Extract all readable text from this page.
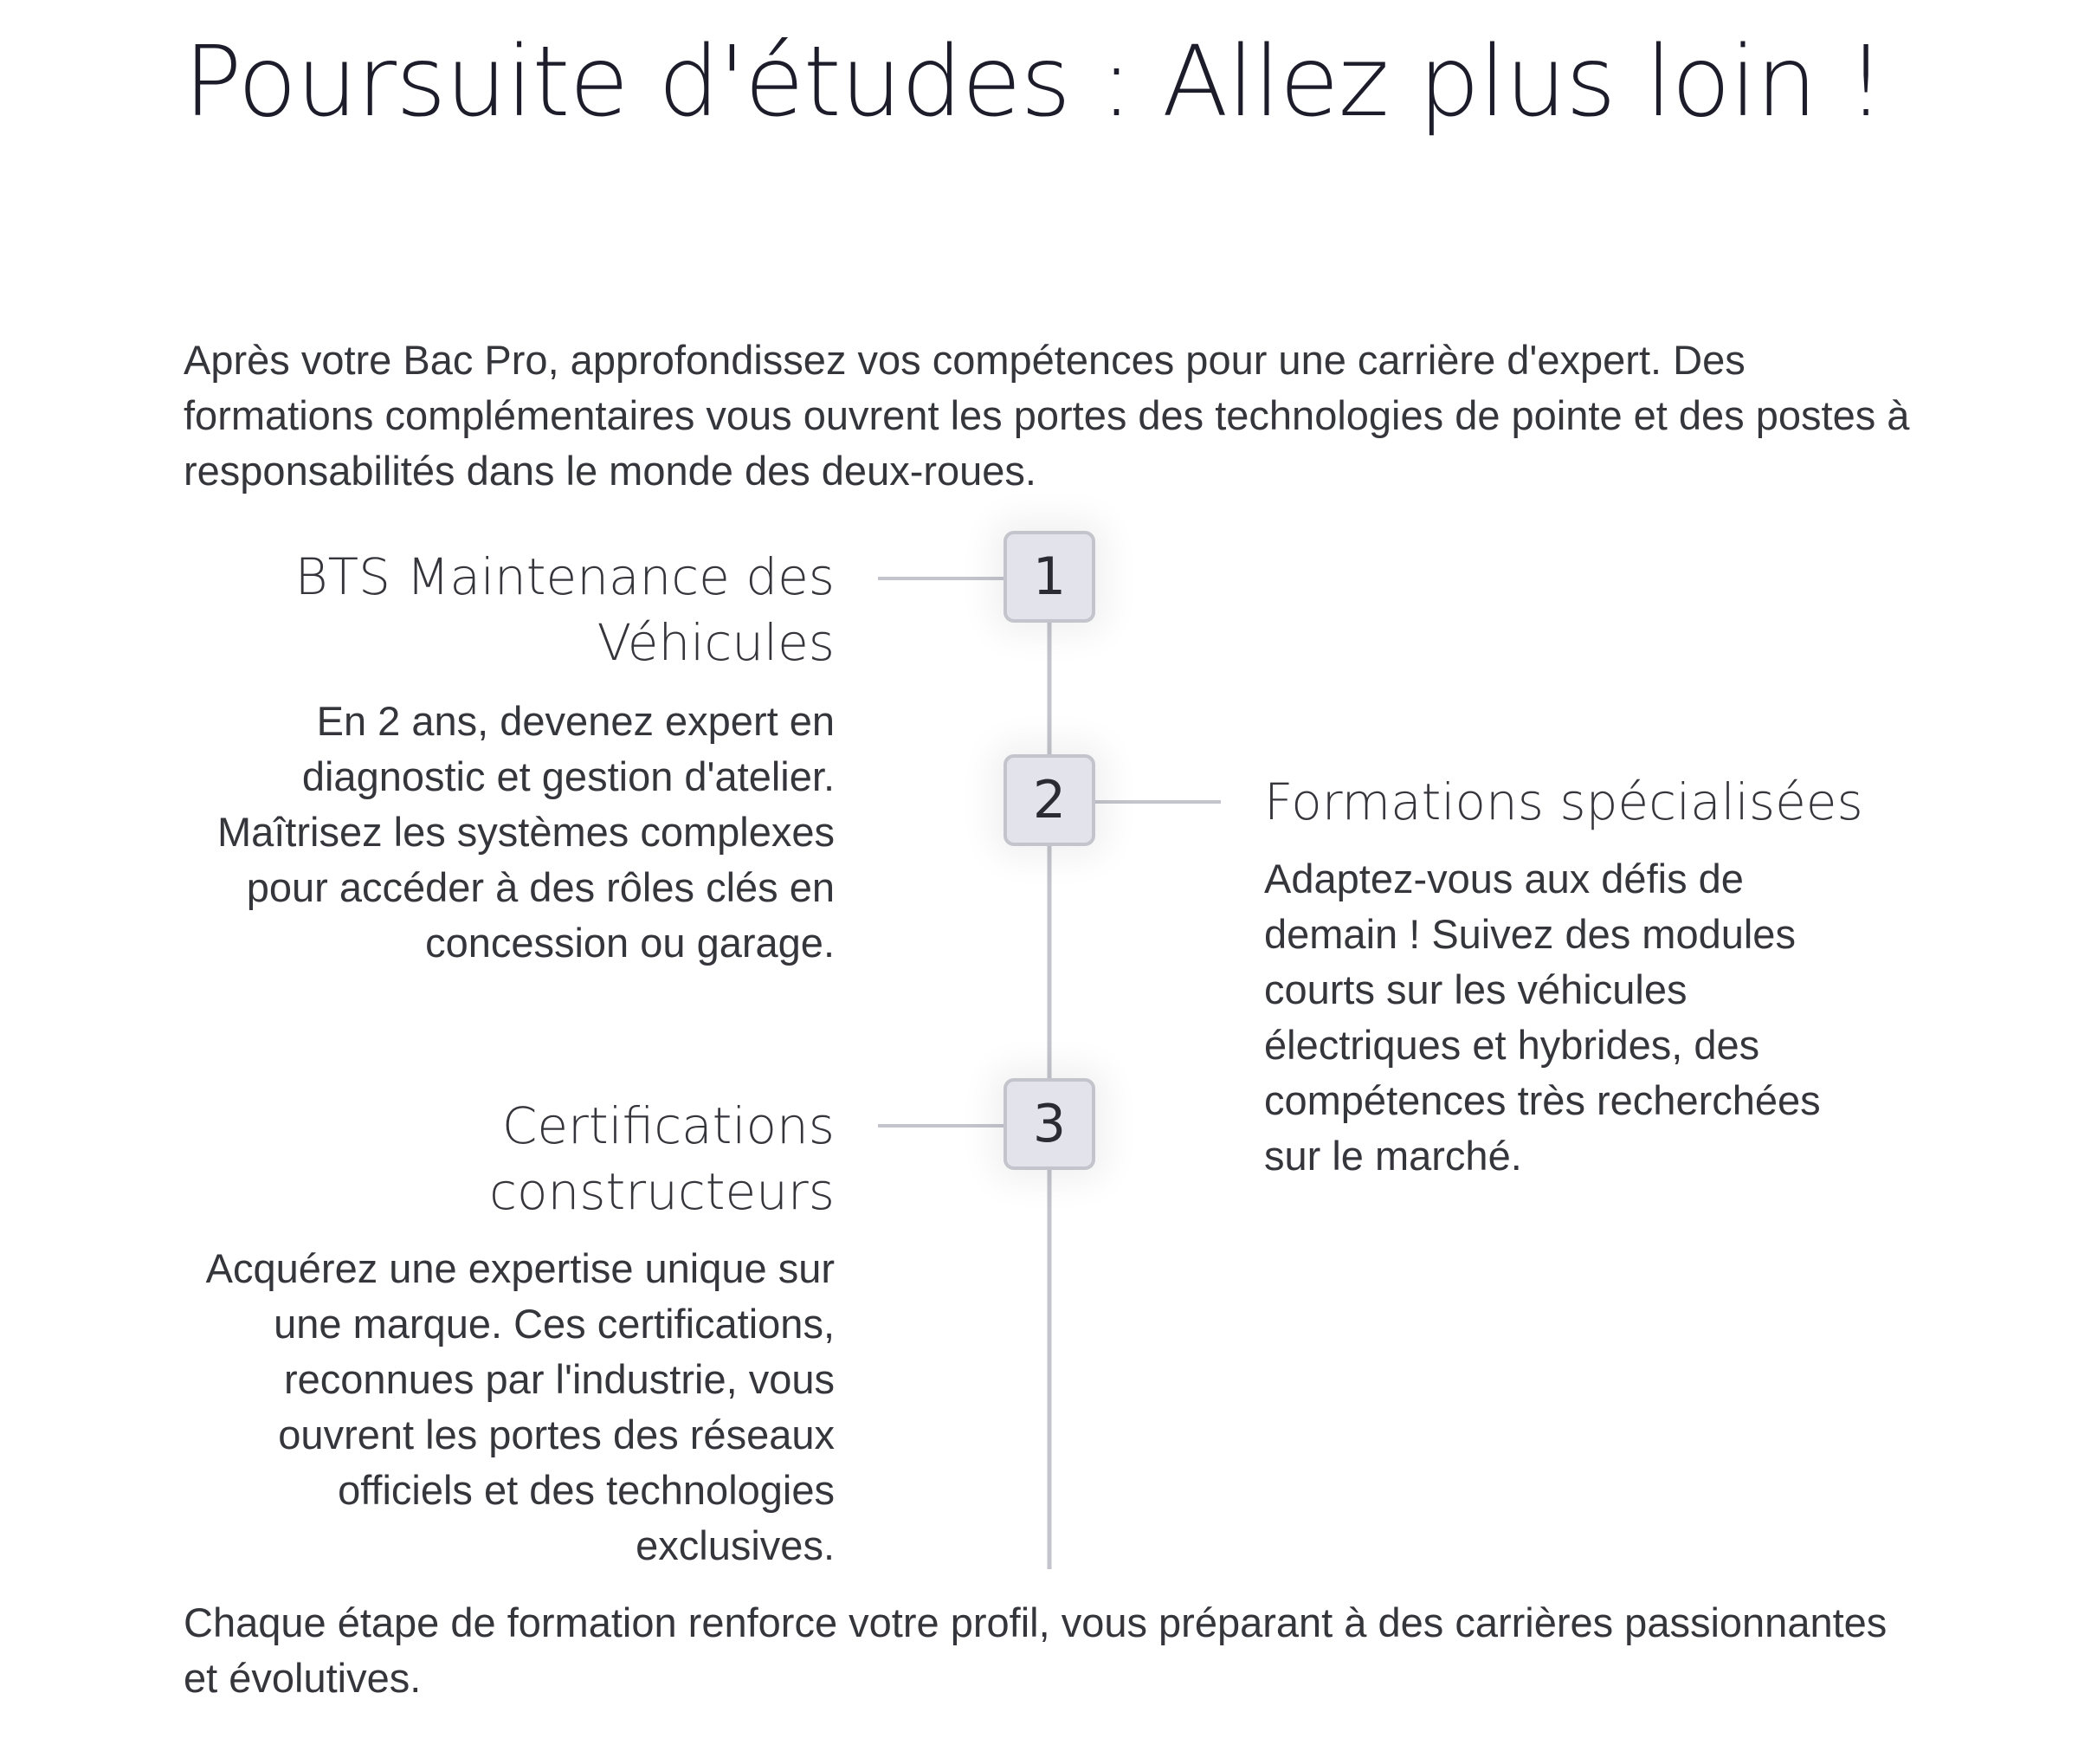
Poursuite d'études : Allez plus loin !

Après votre Bac Pro, approfondissez vos compétences pour une carrière d'expert. Des formations complémentaires vous ouvrent les portes des technologies de pointe et des postes à responsabilités dans le monde des deux-roues.

1
2
3
BTS Maintenance des Véhicules

En 2 ans, devenez expert en diagnostic et gestion d'atelier. Maîtrisez les systèmes complexes pour accéder à des rôles clés en concession ou garage.

Formations spécialisées

Adaptez-vous aux défis de demain ! Suivez des modules courts sur les véhicules électriques et hybrides, des compétences très recherchées sur le marché.

Certifications constructeurs

Acquérez une expertise unique sur une marque. Ces certifications, reconnues par l'industrie, vous ouvrent les portes des réseaux officiels et des technologies exclusives.

Chaque étape de formation renforce votre profil, vous préparant à des carrières passionnantes et évolutives.
